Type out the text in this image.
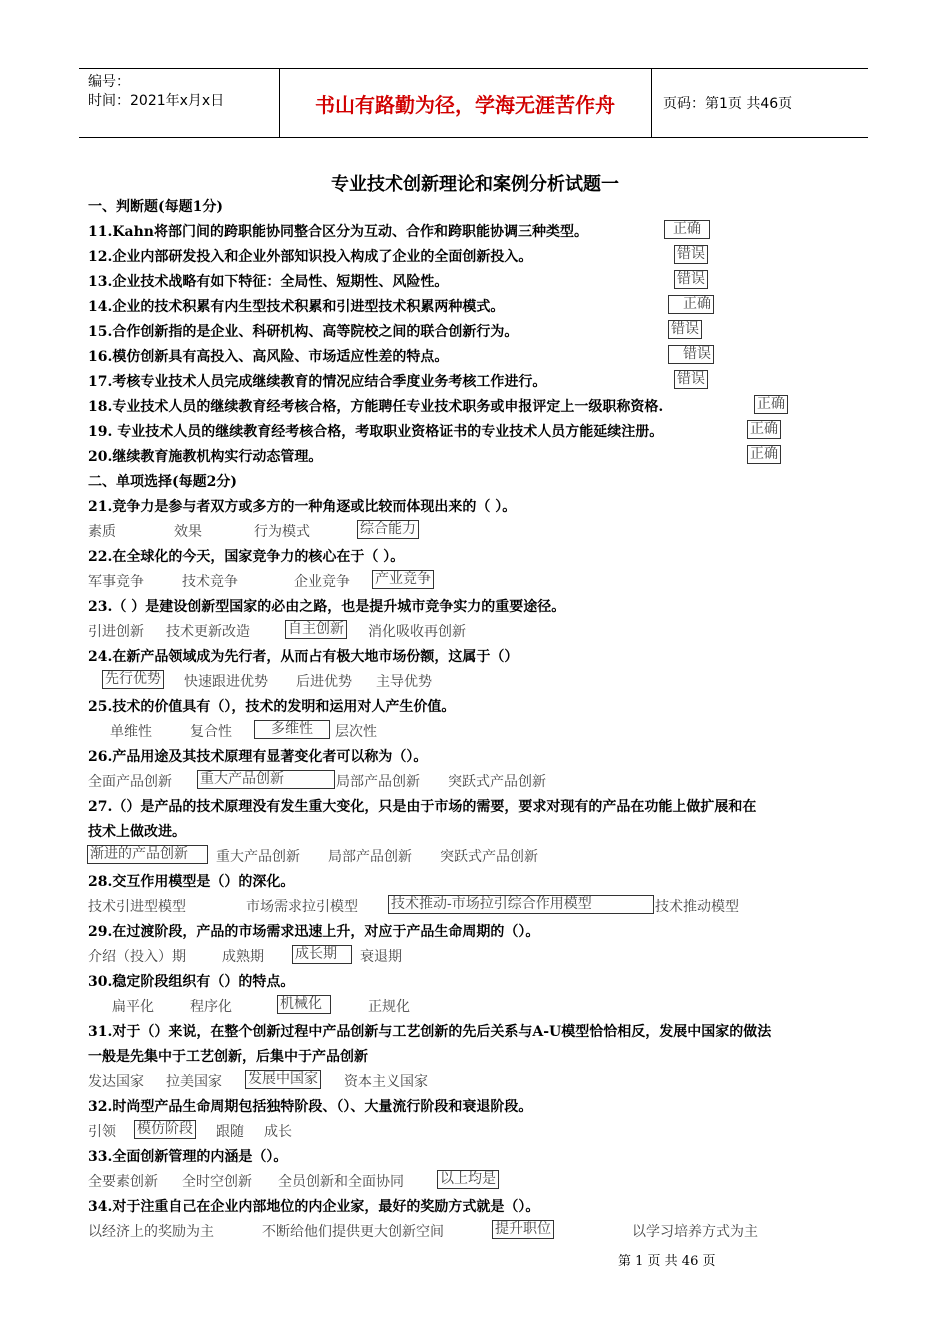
编号：
时间：2021年x月x日	书山有路勤为径，学海无涯苦作舟	页码：第1页 共46页
专业技术创新理论和案例分析试题一
一、判断题(每题1分)
11.Kahn将部门间的跨职能协同整合区分为互动、合作和跨职能协调三种类型。	正确
12.企业内部研发投入和企业外部知识投入构成了企业的全面创新投入。	错误
13.企业技术战略有如下特征：全局性、短期性、风险性。	错误
14.企业的技术积累有内生型技术积累和引进型技术积累两种模式。	正确
15.合作创新指的是企业、科研机构、高等院校之间的联合创新行为。	错误
16.模仿创新具有高投入、高风险、市场适应性差的特点。	错误
17.考核专业技术人员完成继续教育的情况应结合季度业务考核工作进行。	错误
18.专业技术人员的继续教育经考核合格，方能聘任专业技术职务或申报评定上一级职称资格.	正确
19. 专业技术人员的继续教育经考核合格，考取职业资格证书的专业技术人员方能延续注册。	正确
20.继续教育施教机构实行动态管理。	正确
二、单项选择(每题2分)
21.竞争力是参与者双方或多方的一种角逐或比较而体现出来的（ ）。
素质	效果	行为模式	综合能力
22.在全球化的今天，国家竞争力的核心在于（ ）。
军事竞争	技术竞争	企业竞争 产业竞争
23.（ ）是建设创新型国家的必由之路，也是提升城市竞争实力的重要途径。
引进创新 技术更新改造	自主创新 消化吸收再创新
24.在新产品领域成为先行者，从而占有极大地市场份额，这属于（）
先行优势 快速跟进优势 后进优势 主导优势
25.技术的价值具有（），技术的发明和运用对人产生价值。
单维性	复合性	多维性	层次性
26.产品用途及其技术原理有显著变化者可以称为（）。
全面产品创新 重大产品创新	局部产品创新 突跃式产品创新
27.（）是产品的技术原理没有发生重大变化，只是由于市场的需要，要求对现有的产品在功能上做扩展和在
技术上做改进。
渐进的产品创新	重大产品创新 局部产品创新 突跃式产品创新
28.交互作用模型是（）的深化。
技术引进型模型	市场需求拉引模型 技术推动-市场拉引综合作用模型	技术推动模型
29.在过渡阶段，产品的市场需求迅速上升，对应于产品生命周期的（）。
介绍（投入）期	成熟期 成长期	衰退期
30.稳定阶段组织有（）的特点。
扁平化	程序化	机械化	正规化
31.对于（）来说，在整个创新过程中产品创新与工艺创新的先后关系与A-U模型恰恰相反，发展中国家的做法
一般是先集中于工艺创新，后集中于产品创新
发达国家 拉美国家 发展中国家 资本主义国家
32.时尚型产品生命周期包括独特阶段、（）、大量流行阶段和衰退阶段。
引领 模仿阶段 跟随 成长
33.全面创新管理的内涵是（）。
全要素创新 全时空创新 全员创新和全面协同	以上均是
34.对于注重自己在企业内部地位的内企业家，最好的奖励方式就是（）。
以经济上的奖励为主	不断给他们提供更大创新空间	提升职位	以学习培养方式为主
第 1 页 共 46 页
